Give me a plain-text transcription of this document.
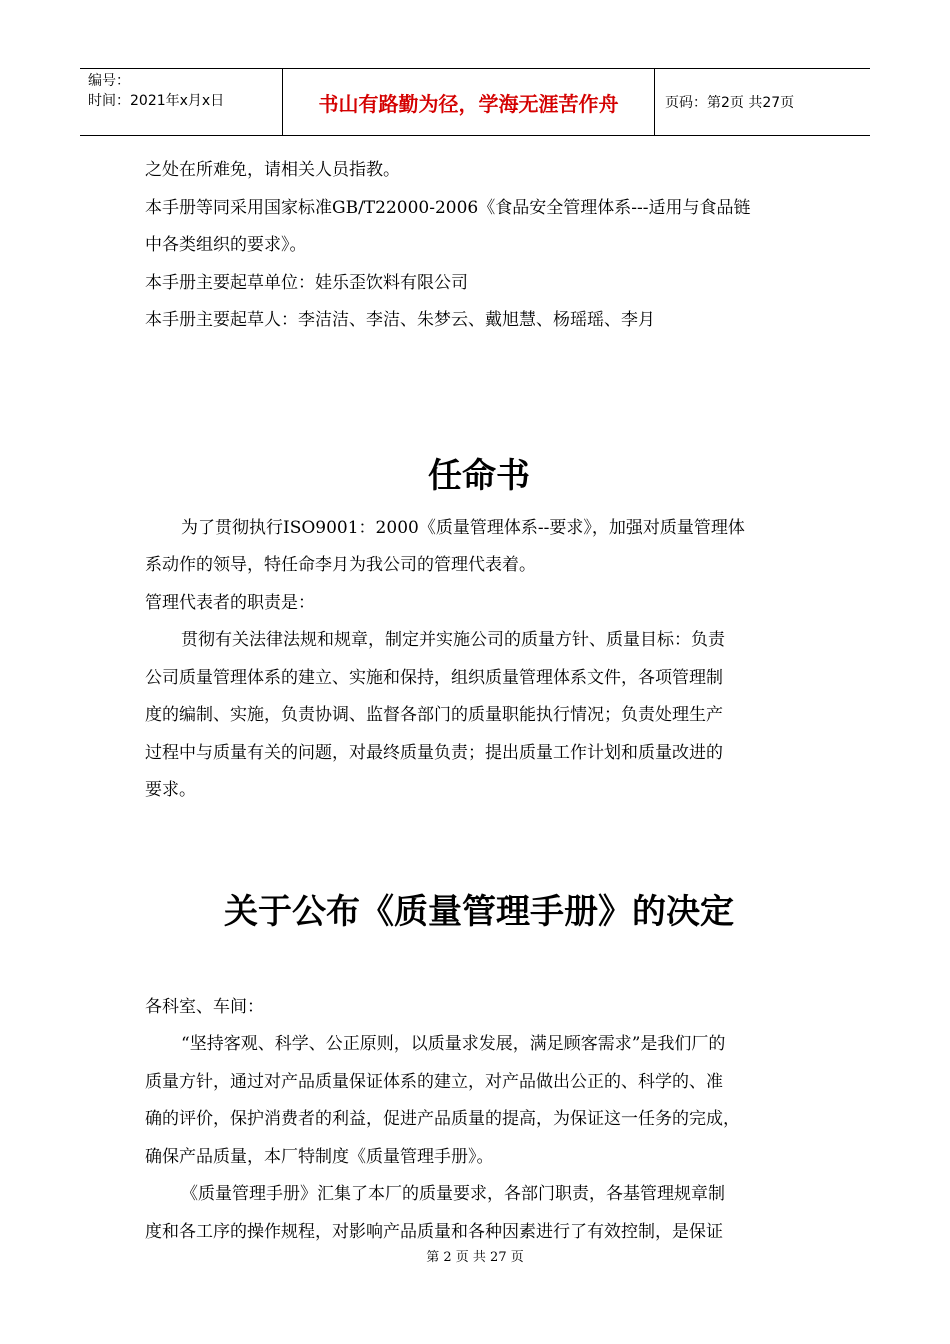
编号：
时间：2021年x月x日	书山有路勤为径，学海无涯苦作舟	页码：第2页 共27页

之处在所难免，请相关人员指教。

本手册等同采用国家标准GB/T22000-2006《食品安全管理体系---适用与食品链

中各类组织的要求》。

本手册主要起草单位：娃乐歪饮料有限公司

本手册主要起草人：李洁洁、李洁、朱梦云、戴旭慧、杨瑶瑶、李月

任命书

为了贯彻执行ISO9001：2000《质量管理体系--要求》，加强对质量管理体

系动作的领导，特任命李月为我公司的管理代表着。

管理代表者的职责是：

贯彻有关法律法规和规章，制定并实施公司的质量方针、质量目标：负责

公司质量管理体系的建立、实施和保持，组织质量管理体系文件，各项管理制

度的编制、实施，负责协调、监督各部门的质量职能执行情况；负责处理生产

过程中与质量有关的问题，对最终质量负责；提出质量工作计划和质量改进的

要求。

关于公布《质量管理手册》的决定

各科室、车间：

“坚持客观、科学、公正原则，以质量求发展，满足顾客需求”是我们厂的

质量方针，通过对产品质量保证体系的建立，对产品做出公正的、科学的、准

确的评价，保护消费者的利益，促进产品质量的提高，为保证这一任务的完成，

确保产品质量，本厂特制度《质量管理手册》。

《质量管理手册》汇集了本厂的质量要求，各部门职责，各基管理规章制

度和各工序的操作规程，对影响产品质量和各种因素进行了有效控制，是保证

第 2 页 共 27 页
